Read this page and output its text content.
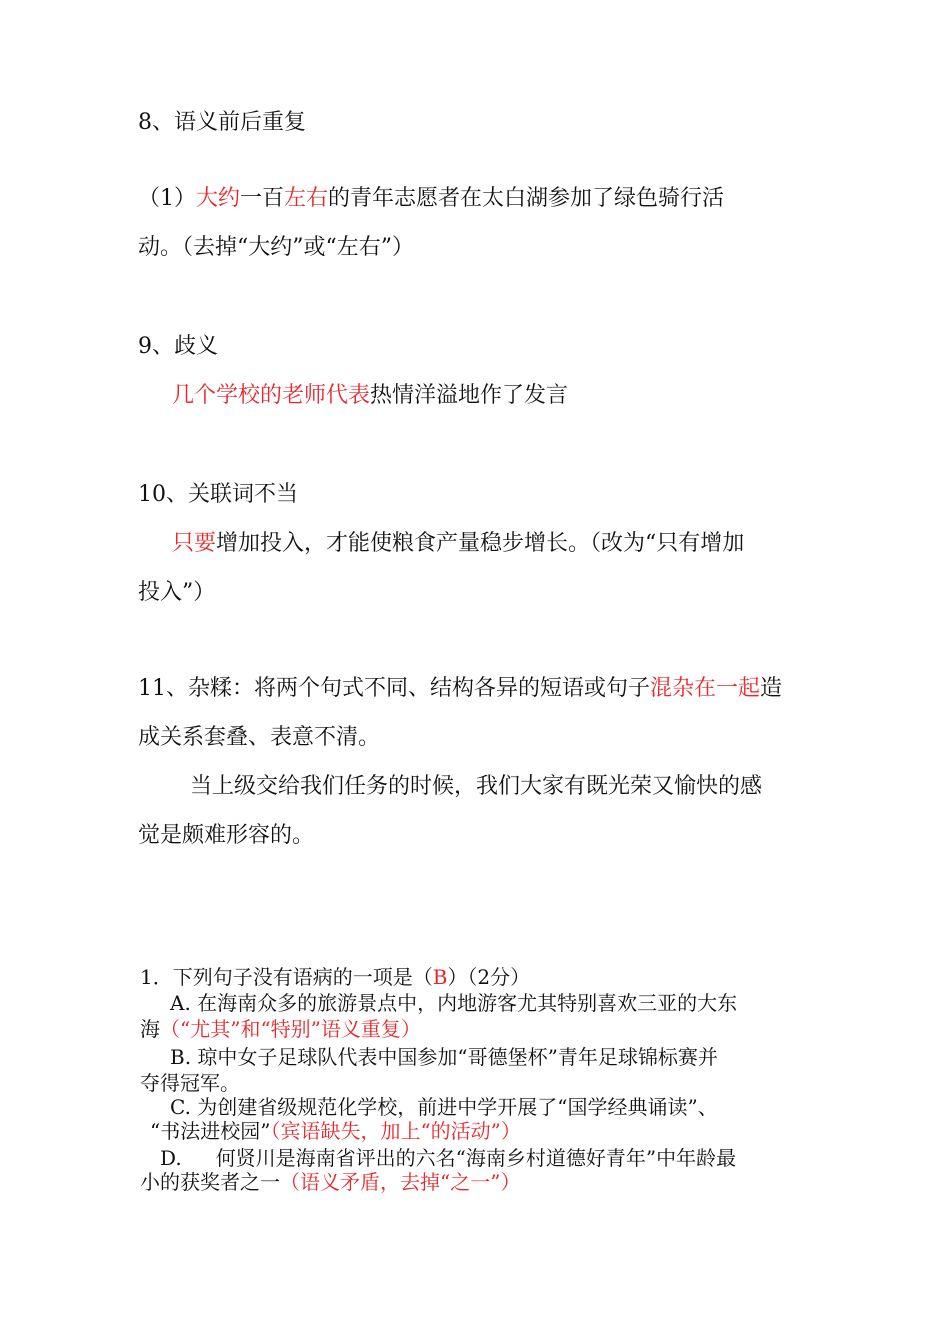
8、语义前后重复
（1）大约一百左右的青年志愿者在太白湖参加了绿色骑行活
动。（去掉“大约”或“左右”）
9、歧义
几个学校的老师代表热情洋溢地作了发言
10、关联词不当
只要增加投入，才能使粮食产量稳步增长。（改为“只有增加
投入”）
11、杂糅：将两个句式不同、结构各异的短语或句子混杂在一起造
成关系套叠、表意不清。
当上级交给我们任务的时候，我们大家有既光荣又愉快的感
觉是颇难形容的。
1．下列句子没有语病的一项是（B）（2分）
A. 在海南众多的旅游景点中，内地游客尤其特别喜欢三亚的大东
海（“尤其”和“特别”语义重复）
B. 琼中女子足球队代表中国参加“哥德堡杯”青年足球锦标赛并
夺得冠军。
C. 为创建省级规范化学校，前进中学开展了“国学经典诵读”、
“书法进校园”（宾语缺失，加上“的活动”）
D. 何贤川是海南省评出的六名“海南乡村道德好青年”中年龄最
小的获奖者之一（语义矛盾，去掉“之一”）
